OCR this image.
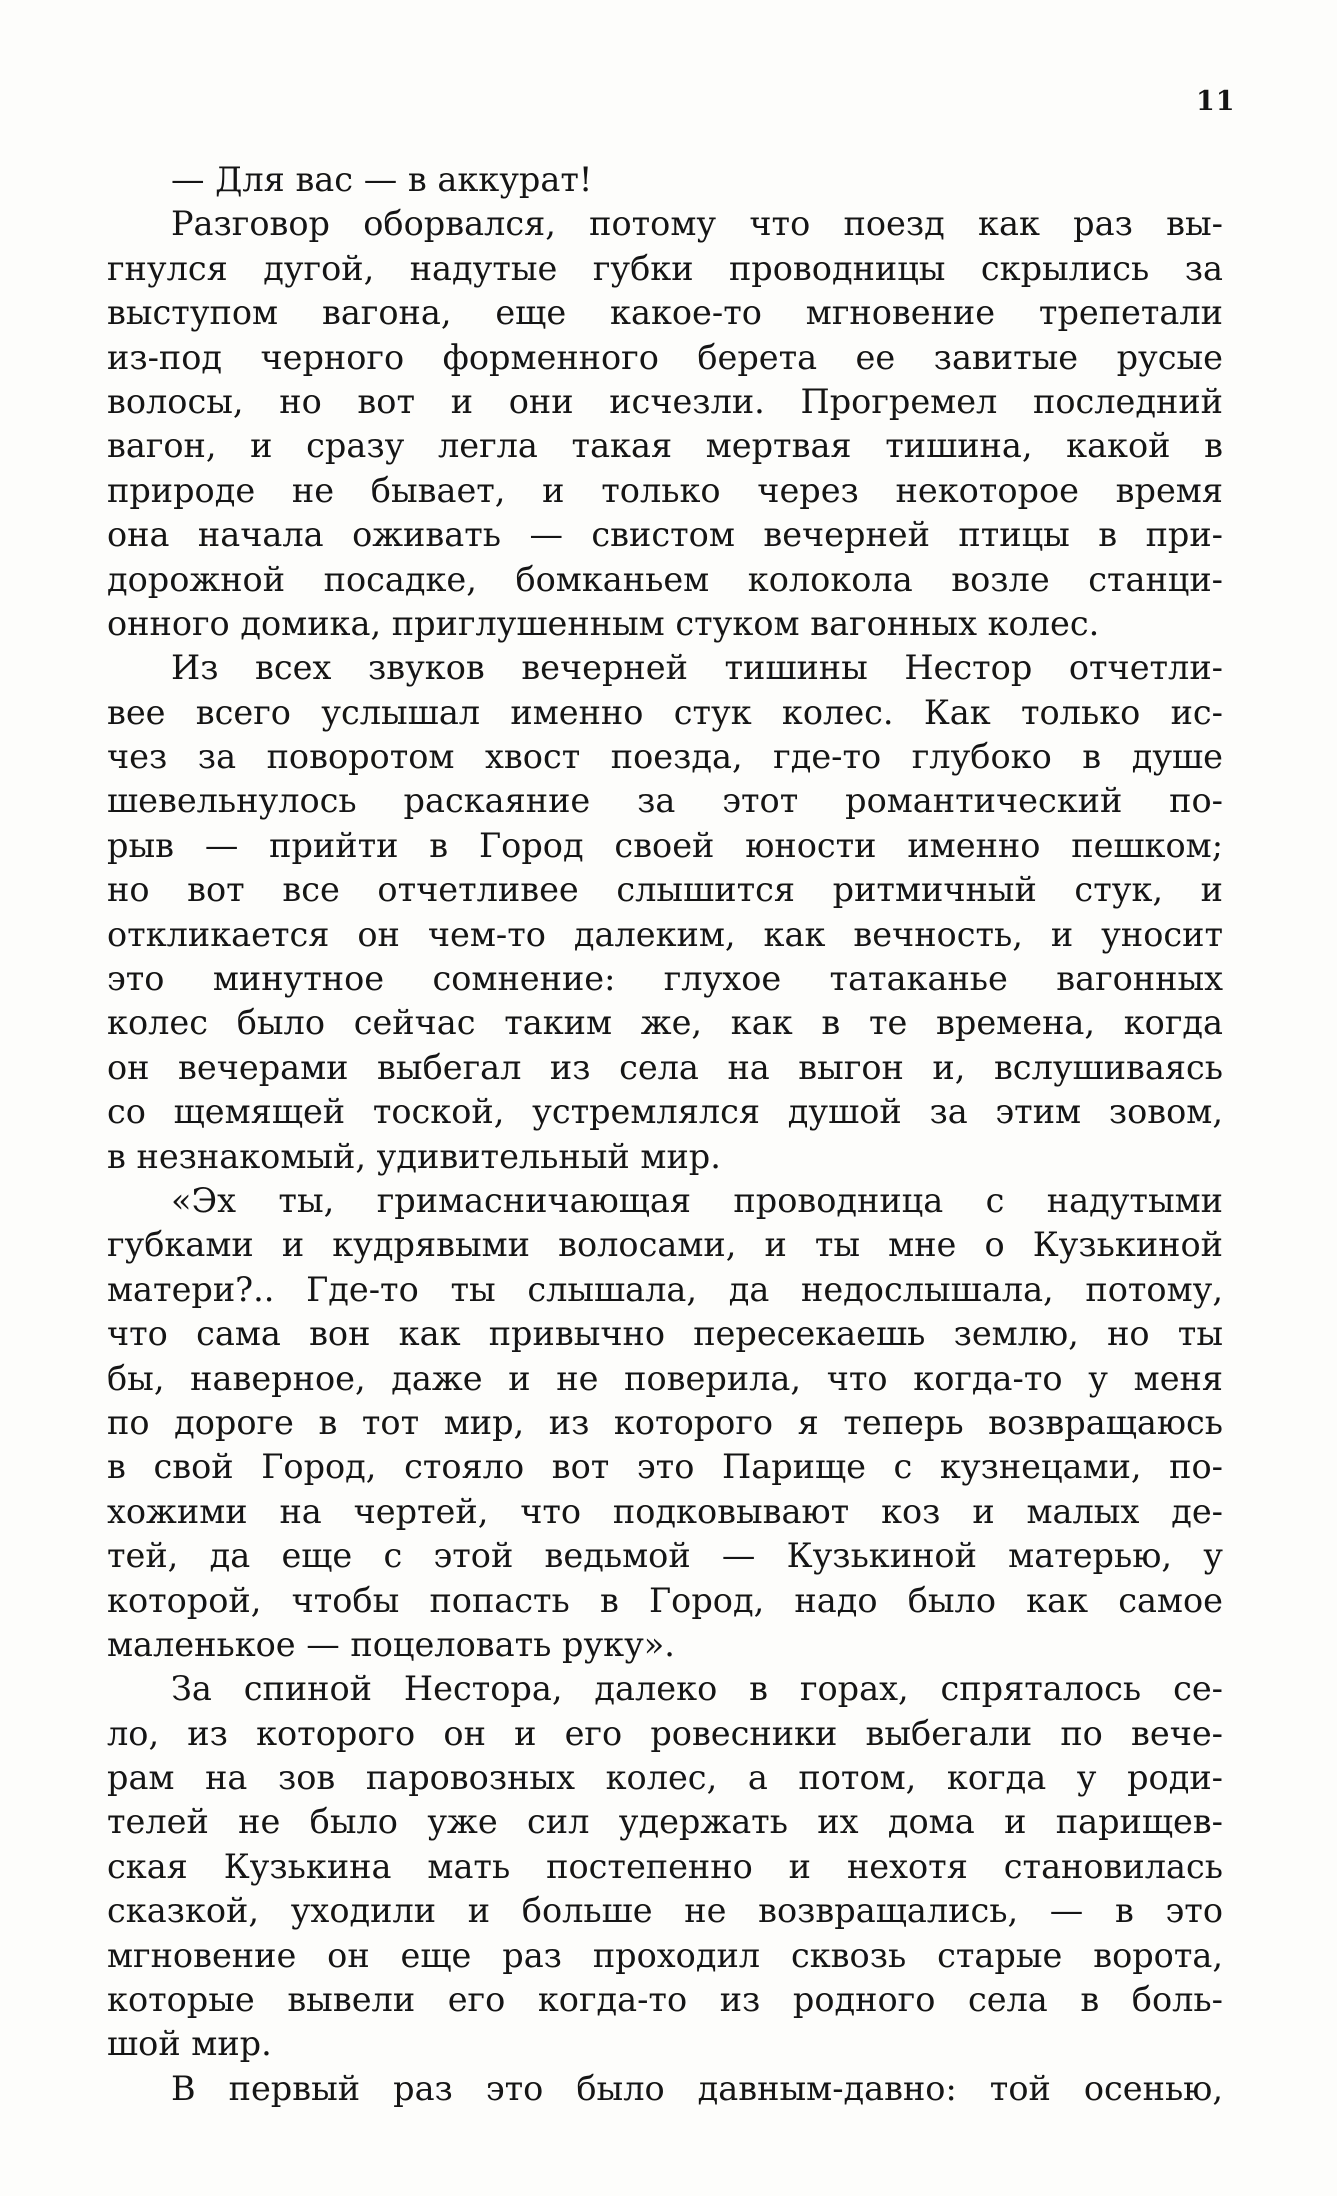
11
— Для вас — в аккурат!
Разговор оборвался, потому что поезд как раз вы-
гнулся дугой, надутые губки проводницы скрылись за
выступом вагона, еще какое-то мгновение трепетали
из-под черного форменного берета ее завитые русые
волосы, но вот и они исчезли. Прогремел последний
вагон, и сразу легла такая мертвая тишина, какой в
природе не бывает, и только через некоторое время
она начала оживать — свистом вечерней птицы в при-
дорожной посадке, бомканьем колокола возле станци-
онного домика, приглушенным стуком вагонных колес.
Из всех звуков вечерней тишины Нестор отчетли-
вее всего услышал именно стук колес. Как только ис-
чез за поворотом хвост поезда, где-то глубоко в душе
шевельнулось раскаяние за этот романтический по-
рыв — прийти в Город своей юности именно пешком;
но вот все отчетливее слышится ритмичный стук, и
откликается он чем-то далеким, как вечность, и уносит
это минутное сомнение: глухое татаканье вагонных
колес было сейчас таким же, как в те времена, когда
он вечерами выбегал из села на выгон и, вслушиваясь
со щемящей тоской, устремлялся душой за этим зовом,
в незнакомый, удивительный мир.
«Эх ты, гримасничающая проводница с надутыми
губками и кудрявыми волосами, и ты мне о Кузькиной
матери?.. Где-то ты слышала, да недослышала, потому,
что сама вон как привычно пересекаешь землю, но ты
бы, наверное, даже и не поверила, что когда-то у меня
по дороге в тот мир, из которого я теперь возвращаюсь
в свой Город, стояло вот это Парище с кузнецами, по-
хожими на чертей, что подковывают коз и малых де-
тей, да еще с этой ведьмой — Кузькиной матерью, у
которой, чтобы попасть в Город, надо было как самое
маленькое — поцеловать руку».
За спиной Нестора, далеко в горах, спряталось се-
ло, из которого он и его ровесники выбегали по вече-
рам на зов паровозных колес, а потом, когда у роди-
телей не было уже сил удержать их дома и парищев-
ская Кузькина мать постепенно и нехотя становилась
сказкой, уходили и больше не возвращались, — в это
мгновение он еще раз проходил сквозь старые ворота,
которые вывели его когда-то из родного села в боль-
шой мир.
В первый раз это было давным-давно: той осенью,
